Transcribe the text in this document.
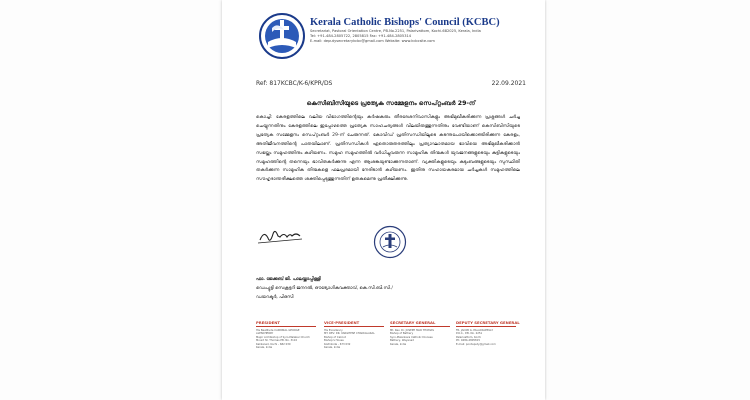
Kerala Catholic Bishops' Council (KCBC)
Secretariat, Pastoral Orientation Centre, PB.No.2251, Palarivattom, Kochi-682025, Kerala, India
Tel: +91-484-2805722, 2805815 Fax: +91-484-2805314
E-mail: deputysecretarykcbc@gmail.com Website: www.kcbcsite.com
Ref: 817KCBC/K-6/KPR/DS	22.09.2021
കെസിബിസിയുടെ പ്രത്യേക സമ്മേളനം സെപ്റ്റംബർ 29-ന്

കൊച്ചി: കേരളത്തിലെ വലിയ വിഭാഗത്തിന്റെയും കർഷകരും തീരദേശനിവാസികളും അഭിമുഖീകരിക്കുന്ന പ്രശ്നങ്ങൾ ചർച്ച ചെയ്യുന്നതിനും കേരളത്തിലെ ഇപ്പോഴത്തെ പ്രത്യേക സാഹചര്യങ്ങൾ വിലയിരുത്തുന്നതിനും വേണ്ടിയാണ് കെസിബിസിയുടെ പ്രത്യേക സമ്മേളനം സെപ്റ്റംബർ 29-ന് ചേരുന്നത്. കോവിഡ് പ്രതിസന്ധിയിലൂടെ കടന്നുപോയിക്കൊണ്ടിരിക്കുന്ന കേരളം, അതിജീവനത്തിന്റെ പാതയിലാണ്. പ്രതിസന്ധികൾ ഏതൊരുതരത്തിലും പ്രത്യാഘാതമായ ഭാവിയെ അഭിമുഖീകരിക്കാൻ സഭയ്ക്കും സമൂഹത്തിനും കഴിയണം. സമൂഹ സമൂഹത്തിൽ വർധിച്ചുവരുന്ന സാമൂഹിക തിന്മകൾ യുവജനങ്ങളുടെയും കുട്ടികളുടെയും സമൂഹത്തിന്റെ തന്നെയും ഭാവിതകർക്കുന്നു എന്ന ആശങ്കയുണ്ടാക്കുന്നതാണ്. വ്യക്തികളുടെയും കുടുംബങ്ങളുടെയും സുസ്ഥിതി തകർക്കുന്ന സാമൂഹിക തിന്മകളെ ഫലപ്രദമായി നേരിടാൻ കഴിയണം. ഇതിനു സഹായകരമായ ചർച്ചകൾ സമൂഹത്തിലെ സൗഹൃദാന്തരീക്ഷത്തെ ശക്തിപ്പെടുത്തുന്നതിന് ഉതകുമെന്നു പ്രതീക്ഷിക്കുന്നു.

ഫാ. ജേക്കബ് ജി. പാലയ്ക്കാപ്പിള്ളി
ഡെപ്യൂട്ടി സെക്രട്ടറി ജനറൽ, ഔദ്യോഗികവക്താവ്, കെ.സി.ബി.സി./
ഡയറക്ടർ, പിഒസി
PRESIDENT
His Beatitude CARDINAL GEORGE ALENCHERRY
Major Archbishop of Syro-Malabar Church
Mount St. Thomas PB. No. 3110
Kakkanad, Kochi - 682 030
Kerala, India
VICE-PRESIDENT
His Excellency
MT. REV. DR. VARGHESE CHAKKALAKAL
Bishop of Calicut
Bishop's House
Kozhikode - 673 032
Kerala, India
SECRETARY GENERAL
Mt. Rev. Dr. JOSEPH MAR THOMAS
Bishop of Bathery
Syro-Malankara Catholic Diocese
Bathery, Wayanad
Kerala, India
DEPUTY SECRETARY GENERAL
FR. JACOB G. PALACKAPPILLY
P.O.C., P.B. No. 2251
Palarivattom, Kochi
Ph: 0484-2805815
E-mail: pocdeputy@gmail.com
